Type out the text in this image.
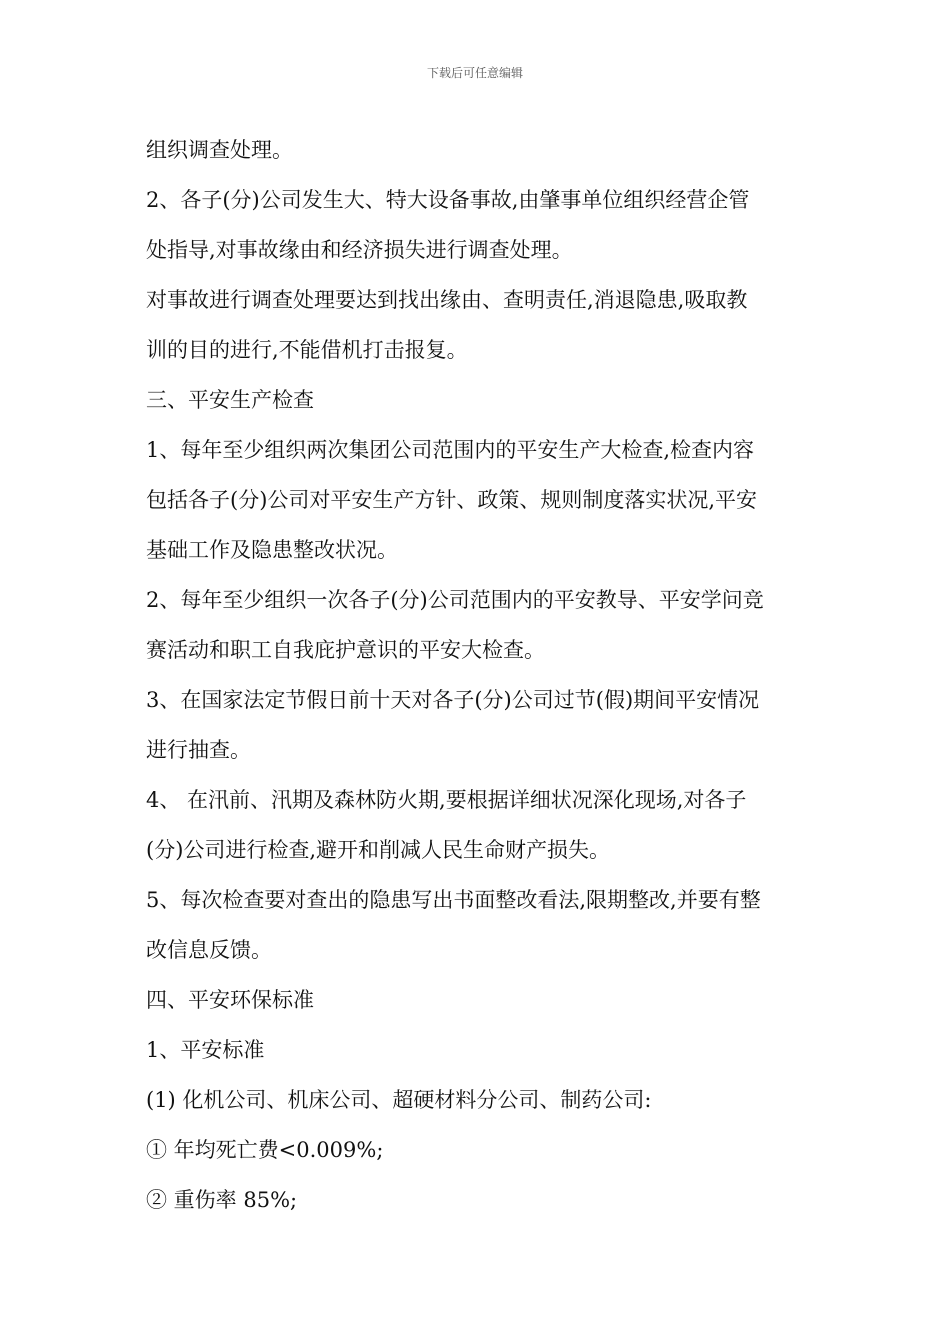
下载后可任意编辑
组织调查处理。
2、各子(分)公司发生大、特大设备事故,由肇事单位组织经营企管
处指导,对事故缘由和经济损失进行调查处理。
对事故进行调查处理要达到找出缘由、查明责任,消退隐患,吸取教
训的目的进行,不能借机打击报复。
三、平安生产检查
1、每年至少组织两次集团公司范围内的平安生产大检查,检查内容
包括各子(分)公司对平安生产方针、政策、规则制度落实状况,平安
基础工作及隐患整改状况。
2、每年至少组织一次各子(分)公司范围内的平安教导、平安学问竞
赛活动和职工自我庇护意识的平安大检查。
3、在国家法定节假日前十天对各子(分)公司过节(假)期间平安情况
进行抽查。
4、 在汛前、汛期及森林防火期,要根据详细状况深化现场,对各子
(分)公司进行检查,避开和削减人民生命财产损失。
5、每次检查要对查出的隐患写出书面整改看法,限期整改,并要有整
改信息反馈。
四、平安环保标准
1、平安标准
(1) 化机公司、机床公司、超硬材料分公司、制药公司:
① 年均死亡费<0.009%;
② 重伤率 85%;
